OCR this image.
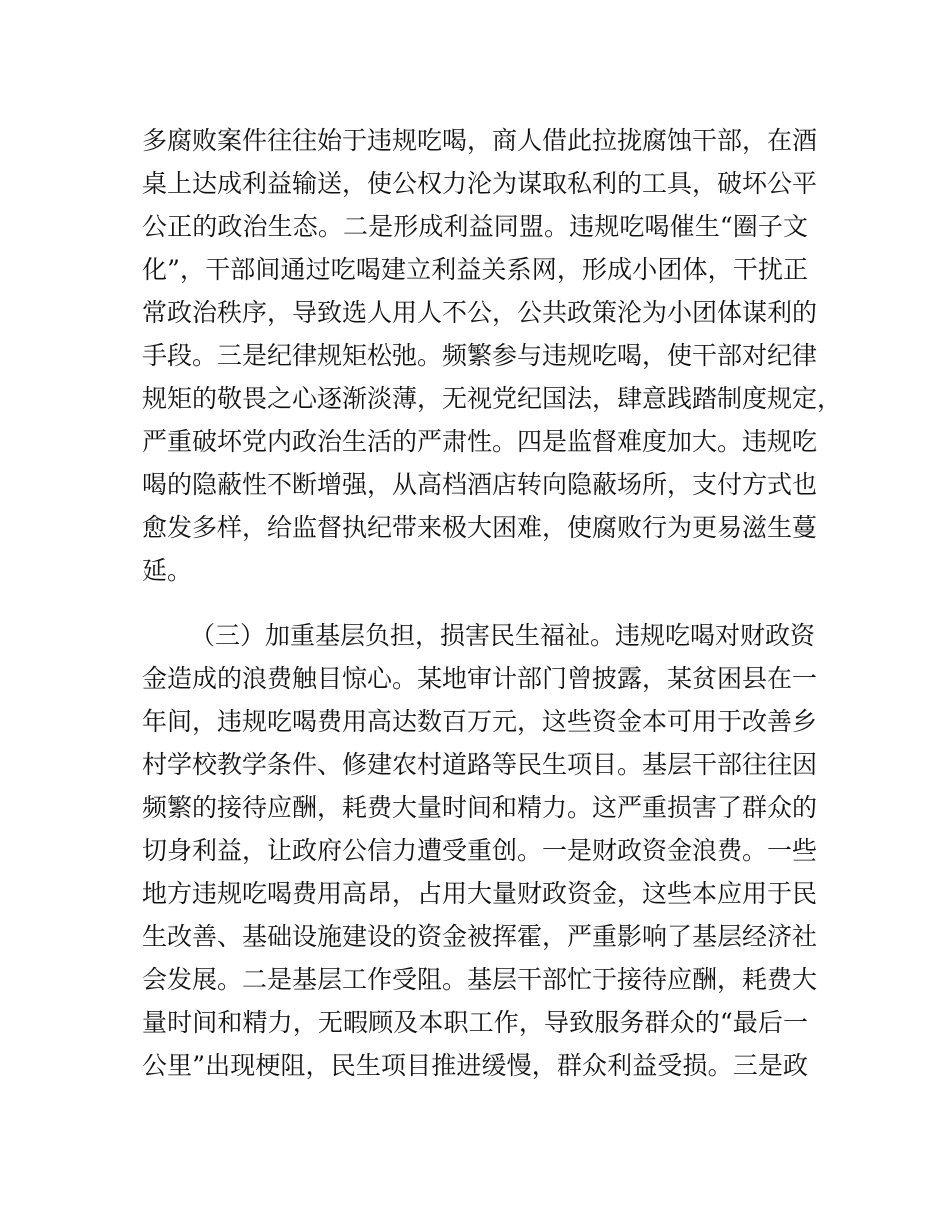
多腐败案件往往始于违规吃喝，商人借此拉拢腐蚀干部，在酒
桌上达成利益输送，使公权力沦为谋取私利的工具，破坏公平
公正的政治生态。二是形成利益同盟。违规吃喝催生“圈子文
化”，干部间通过吃喝建立利益关系网，形成小团体，干扰正
常政治秩序，导致选人用人不公，公共政策沦为小团体谋利的
手段。三是纪律规矩松弛。频繁参与违规吃喝，使干部对纪律
规矩的敬畏之心逐渐淡薄，无视党纪国法，肆意践踏制度规定，
严重破坏党内政治生活的严肃性。四是监督难度加大。违规吃
喝的隐蔽性不断增强，从高档酒店转向隐蔽场所，支付方式也
愈发多样，给监督执纪带来极大困难，使腐败行为更易滋生蔓
延。
（三）加重基层负担，损害民生福祉。违规吃喝对财政资
金造成的浪费触目惊心。某地审计部门曾披露，某贫困县在一
年间，违规吃喝费用高达数百万元，这些资金本可用于改善乡
村学校教学条件、修建农村道路等民生项目。基层干部往往因
频繁的接待应酬，耗费大量时间和精力。这严重损害了群众的
切身利益，让政府公信力遭受重创。一是财政资金浪费。一些
地方违规吃喝费用高昂，占用大量财政资金，这些本应用于民
生改善、基础设施建设的资金被挥霍，严重影响了基层经济社
会发展。二是基层工作受阻。基层干部忙于接待应酬，耗费大
量时间和精力，无暇顾及本职工作，导致服务群众的“最后一
公里”出现梗阻，民生项目推进缓慢，群众利益受损。三是政
